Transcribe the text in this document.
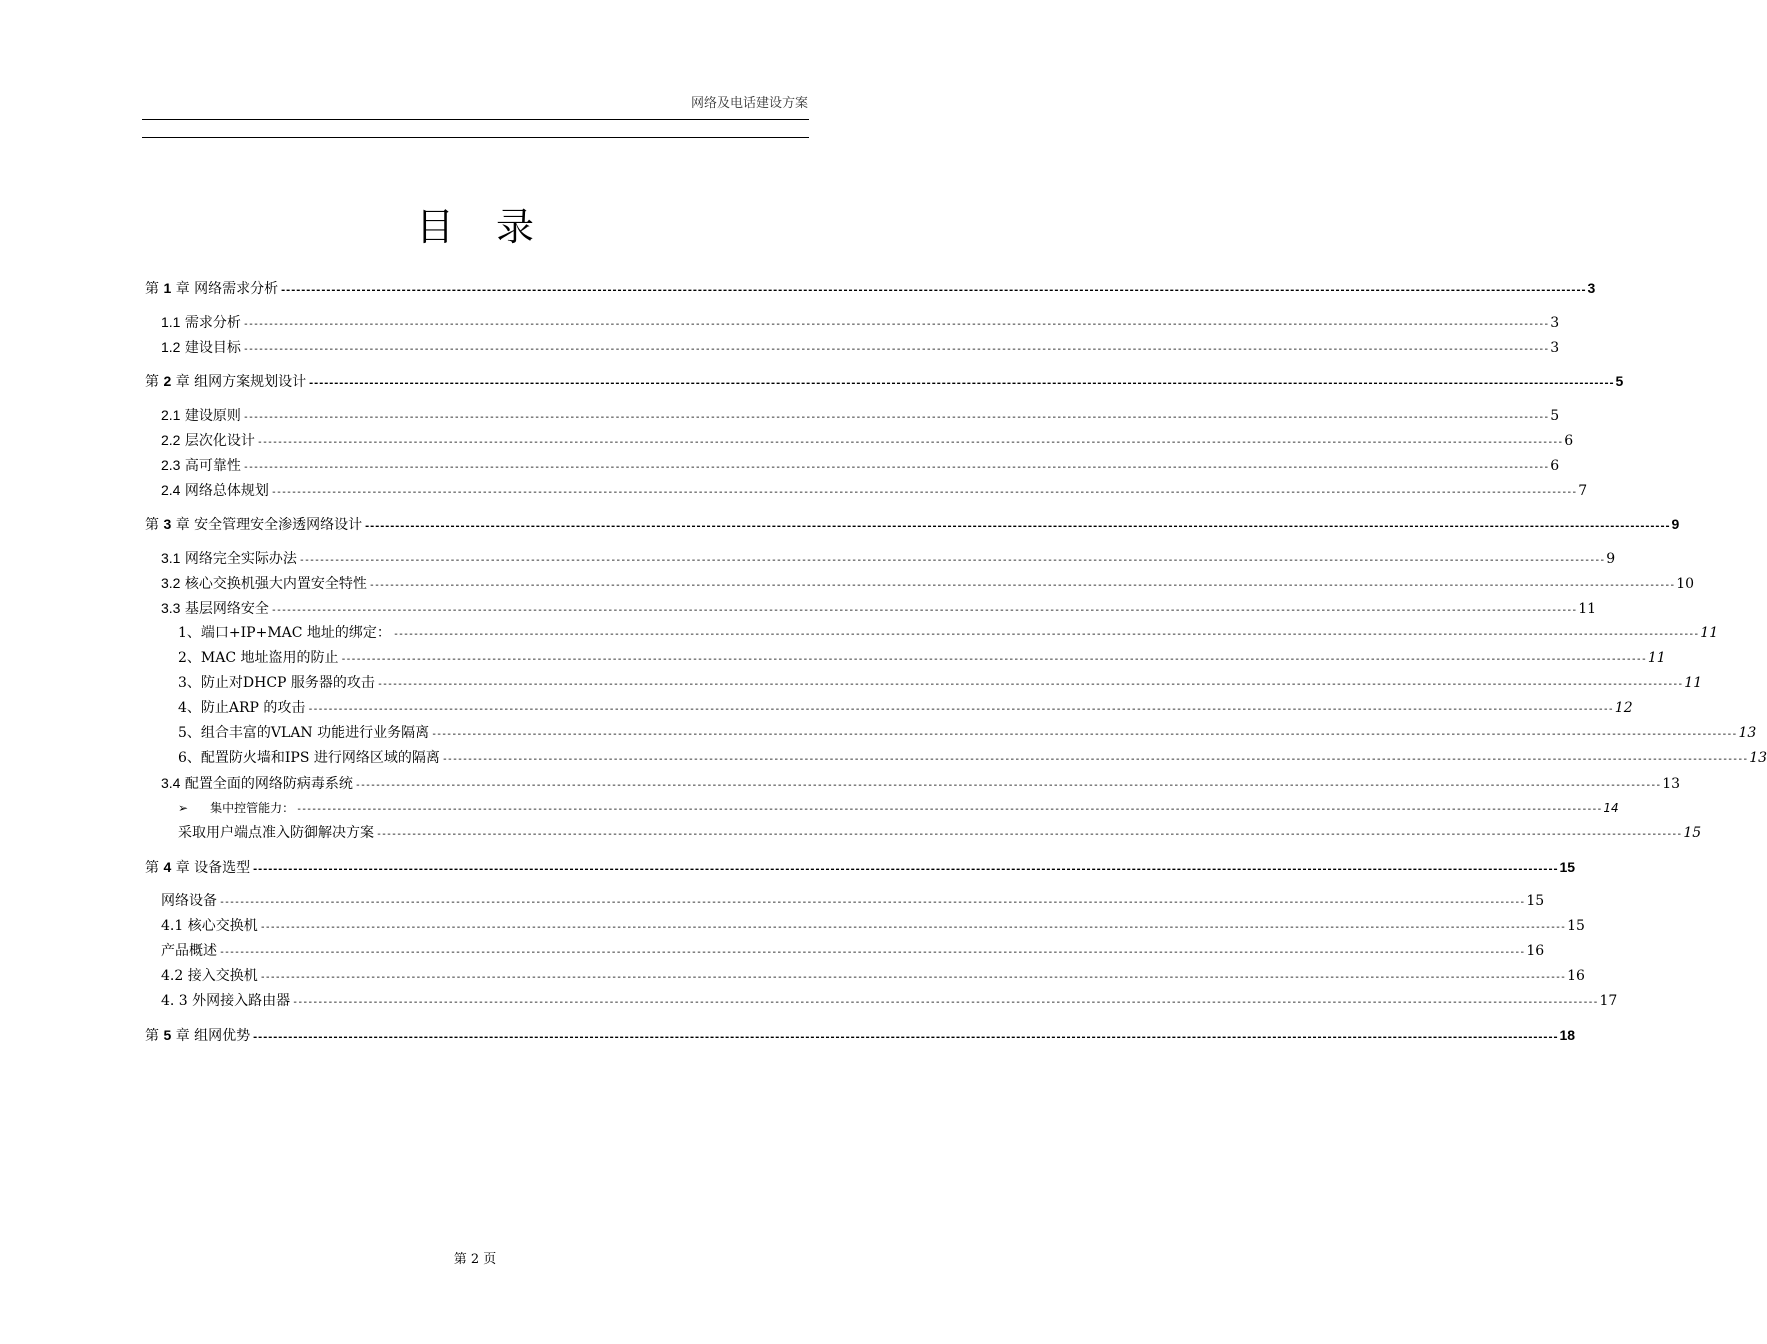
网络及电话建设方案
目录
第 1 章 网络需求分析 -------------------------------------------------------------------------------------------------------------------------------------------------------------------------------------------------------------------------------------------------------------------- 3
1.1 需求分析 -------------------------------------------------------------------------------------------------------------------------------------------------------------------------------------------------------------------------------------------------------------------- 3
1.2 建设目标 -------------------------------------------------------------------------------------------------------------------------------------------------------------------------------------------------------------------------------------------------------------------- 3
第 2 章 组网方案规划设计 -------------------------------------------------------------------------------------------------------------------------------------------------------------------------------------------------------------------------------------------------------------------- 5
2.1 建设原则 -------------------------------------------------------------------------------------------------------------------------------------------------------------------------------------------------------------------------------------------------------------------- 5
2.2 层次化设计 -------------------------------------------------------------------------------------------------------------------------------------------------------------------------------------------------------------------------------------------------------------------- 6
2.3 高可靠性 -------------------------------------------------------------------------------------------------------------------------------------------------------------------------------------------------------------------------------------------------------------------- 6
2.4 网络总体规划 -------------------------------------------------------------------------------------------------------------------------------------------------------------------------------------------------------------------------------------------------------------------- 7
第 3 章 安全管理安全渗透网络设计 -------------------------------------------------------------------------------------------------------------------------------------------------------------------------------------------------------------------------------------------------------------------- 9
3.1 网络完全实际办法 -------------------------------------------------------------------------------------------------------------------------------------------------------------------------------------------------------------------------------------------------------------------- 9
3.2 核心交换机强大内置安全特性 -------------------------------------------------------------------------------------------------------------------------------------------------------------------------------------------------------------------------------------------------------------------- 10
3.3 基层网络安全 -------------------------------------------------------------------------------------------------------------------------------------------------------------------------------------------------------------------------------------------------------------------- 11
1、端口+IP+MAC 地址的绑定： -------------------------------------------------------------------------------------------------------------------------------------------------------------------------------------------------------------------------------------------------------------------- 11
2、MAC 地址盗用的防止 -------------------------------------------------------------------------------------------------------------------------------------------------------------------------------------------------------------------------------------------------------------------- 11
3、防止对DHCP 服务器的攻击 -------------------------------------------------------------------------------------------------------------------------------------------------------------------------------------------------------------------------------------------------------------------- 11
4、防止ARP 的攻击 -------------------------------------------------------------------------------------------------------------------------------------------------------------------------------------------------------------------------------------------------------------------- 12
5、组合丰富的VLAN 功能进行业务隔离 -------------------------------------------------------------------------------------------------------------------------------------------------------------------------------------------------------------------------------------------------------------------- 13
6、配置防火墙和IPS 进行网络区域的隔离 -------------------------------------------------------------------------------------------------------------------------------------------------------------------------------------------------------------------------------------------------------------------- 13
3.4 配置全面的网络防病毒系统 -------------------------------------------------------------------------------------------------------------------------------------------------------------------------------------------------------------------------------------------------------------------- 13
➢ 集中控管能力： -------------------------------------------------------------------------------------------------------------------------------------------------------------------------------------------------------------------------------------------------------------------- 14
采取用户端点准入防御解决方案 -------------------------------------------------------------------------------------------------------------------------------------------------------------------------------------------------------------------------------------------------------------------- 15
第 4 章 设备选型 -------------------------------------------------------------------------------------------------------------------------------------------------------------------------------------------------------------------------------------------------------------------- 15
网络设备 -------------------------------------------------------------------------------------------------------------------------------------------------------------------------------------------------------------------------------------------------------------------- 15
4.1 核心交换机 -------------------------------------------------------------------------------------------------------------------------------------------------------------------------------------------------------------------------------------------------------------------- 15
产品概述 -------------------------------------------------------------------------------------------------------------------------------------------------------------------------------------------------------------------------------------------------------------------- 16
4.2 接入交换机 -------------------------------------------------------------------------------------------------------------------------------------------------------------------------------------------------------------------------------------------------------------------- 16
4. 3 外网接入路由器 -------------------------------------------------------------------------------------------------------------------------------------------------------------------------------------------------------------------------------------------------------------------- 17
第 5 章 组网优势 -------------------------------------------------------------------------------------------------------------------------------------------------------------------------------------------------------------------------------------------------------------------- 18
第 2 页
